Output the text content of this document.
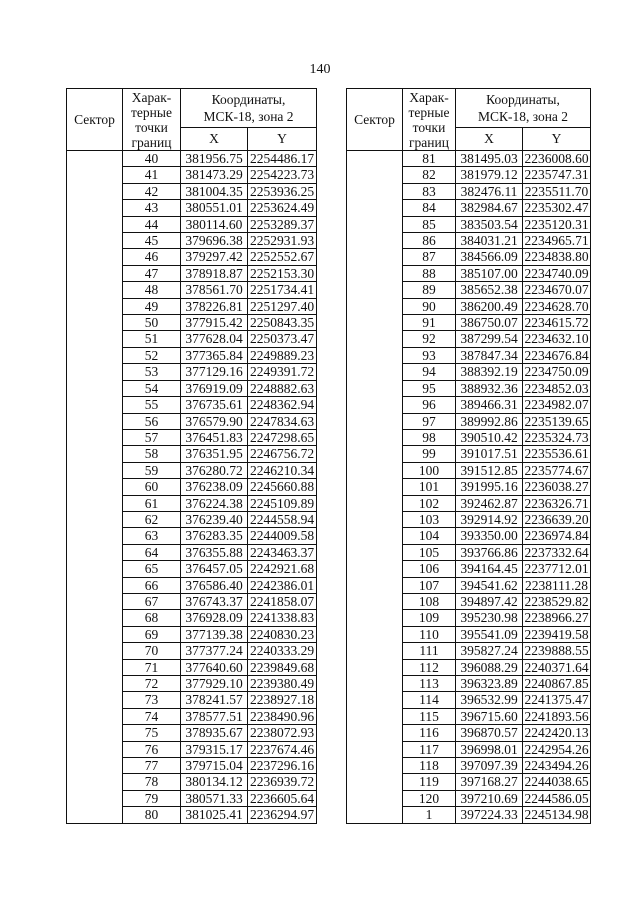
140
Сектор	Харак-
терные
точки
границ	Координаты,
МСК-18, зона 2	
		X	Y
	40	381956.75	2254486.17
	41	381473.29	2254223.73
	42	381004.35	2253936.25
	43	380551.01	2253624.49
	44	380114.60	2253289.37
	45	379696.38	2252931.93
	46	379297.42	2252552.67
	47	378918.87	2252153.30
	48	378561.70	2251734.41
	49	378226.81	2251297.40
	50	377915.42	2250843.35
	51	377628.04	2250373.47
	52	377365.84	2249889.23
	53	377129.16	2249391.72
	54	376919.09	2248882.63
	55	376735.61	2248362.94
	56	376579.90	2247834.63
	57	376451.83	2247298.65
	58	376351.95	2246756.72
	59	376280.72	2246210.34
	60	376238.09	2245660.88
	61	376224.38	2245109.89
	62	376239.40	2244558.94
	63	376283.35	2244009.58
	64	376355.88	2243463.37
	65	376457.05	2242921.68
	66	376586.40	2242386.01
	67	376743.37	2241858.07
	68	376928.09	2241338.83
	69	377139.38	2240830.23
	70	377377.24	2240333.29
	71	377640.60	2239849.68
	72	377929.10	2239380.49
	73	378241.57	2238927.18
	74	378577.51	2238490.96
	75	378935.67	2238072.93
	76	379315.17	2237674.46
	77	379715.04	2237296.16
	78	380134.12	2236939.72
	79	380571.33	2236605.64
	80	381025.41	2236294.97
Сектор	Харак-
терные
точки
границ	Координаты,
МСК-18, зона 2	
		X	Y
	81	381495.03	2236008.60
	82	381979.12	2235747.31
	83	382476.11	2235511.70
	84	382984.67	2235302.47
	85	383503.54	2235120.31
	86	384031.21	2234965.71
	87	384566.09	2234838.80
	88	385107.00	2234740.09
	89	385652.38	2234670.07
	90	386200.49	2234628.70
	91	386750.07	2234615.72
	92	387299.54	2234632.10
	93	387847.34	2234676.84
	94	388392.19	2234750.09
	95	388932.36	2234852.03
	96	389466.31	2234982.07
	97	389992.86	2235139.65
	98	390510.42	2235324.73
	99	391017.51	2235536.61
	100	391512.85	2235774.67
	101	391995.16	2236038.27
	102	392462.87	2236326.71
	103	392914.92	2236639.20
	104	393350.00	2236974.84
	105	393766.86	2237332.64
	106	394164.45	2237712.01
	107	394541.62	2238111.28
	108	394897.42	2238529.82
	109	395230.98	2238966.27
	110	395541.09	2239419.58
	111	395827.24	2239888.55
	112	396088.29	2240371.64
	113	396323.89	2240867.85
	114	396532.99	2241375.47
	115	396715.60	2241893.56
	116	396870.57	2242420.13
	117	396998.01	2242954.26
	118	397097.39	2243494.26
	119	397168.27	2244038.65
	120	397210.69	2244586.05
	1	397224.33	2245134.98
